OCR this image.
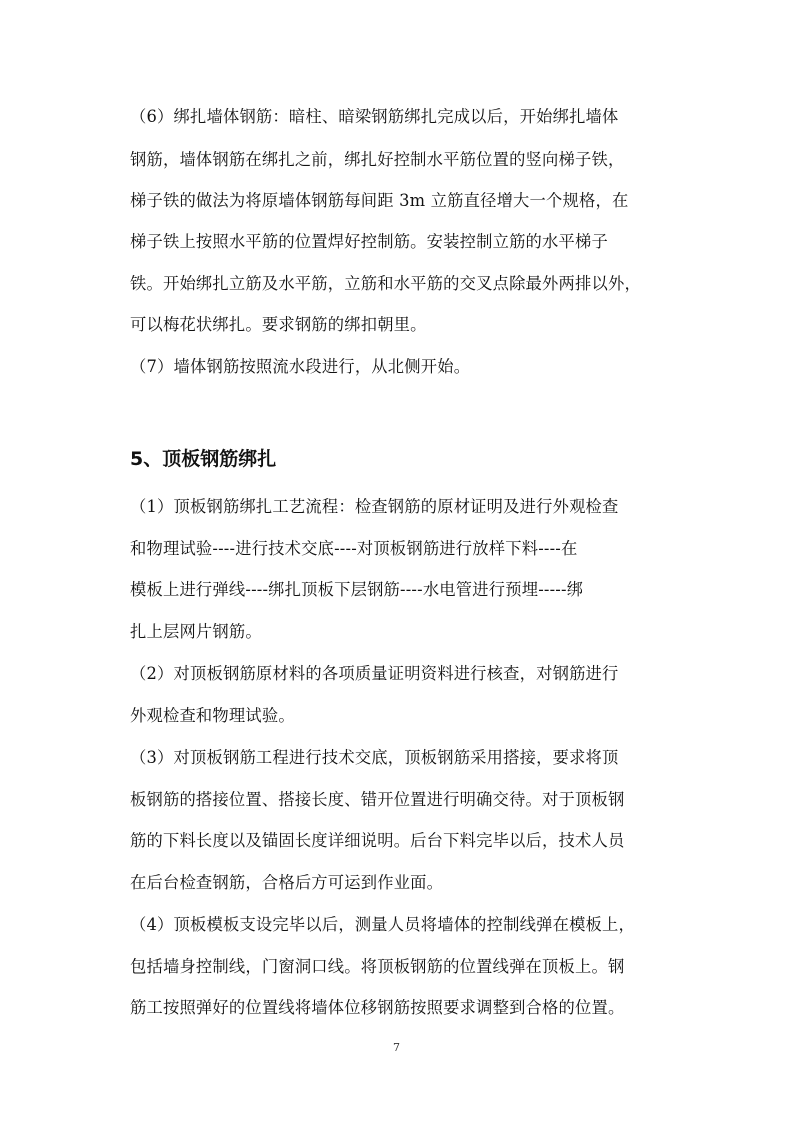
（6）绑扎墙体钢筋：暗柱、暗梁钢筋绑扎完成以后，开始绑扎墙体
钢筋，墙体钢筋在绑扎之前，绑扎好控制水平筋位置的竖向梯子铁，
梯子铁的做法为将原墙体钢筋每间距 3m 立筋直径增大一个规格，在
梯子铁上按照水平筋的位置焊好控制筋。安装控制立筋的水平梯子
铁。开始绑扎立筋及水平筋，立筋和水平筋的交叉点除最外两排以外，
可以梅花状绑扎。要求钢筋的绑扣朝里。
（7）墙体钢筋按照流水段进行，从北侧开始。
5、顶板钢筋绑扎
（1）顶板钢筋绑扎工艺流程：检查钢筋的原材证明及进行外观检查
和物理试验----进行技术交底----对顶板钢筋进行放样下料----在
模板上进行弹线----绑扎顶板下层钢筋----水电管进行预埋-----绑
扎上层网片钢筋。
（2）对顶板钢筋原材料的各项质量证明资料进行核查，对钢筋进行
外观检查和物理试验。
（3）对顶板钢筋工程进行技术交底，顶板钢筋采用搭接，要求将顶
板钢筋的搭接位置、搭接长度、错开位置进行明确交待。对于顶板钢
筋的下料长度以及锚固长度详细说明。后台下料完毕以后，技术人员
在后台检查钢筋，合格后方可运到作业面。
（4）顶板模板支设完毕以后，测量人员将墙体的控制线弹在模板上，
包括墙身控制线，门窗洞口线。将顶板钢筋的位置线弹在顶板上。钢
筋工按照弹好的位置线将墙体位移钢筋按照要求调整到合格的位置。
7
